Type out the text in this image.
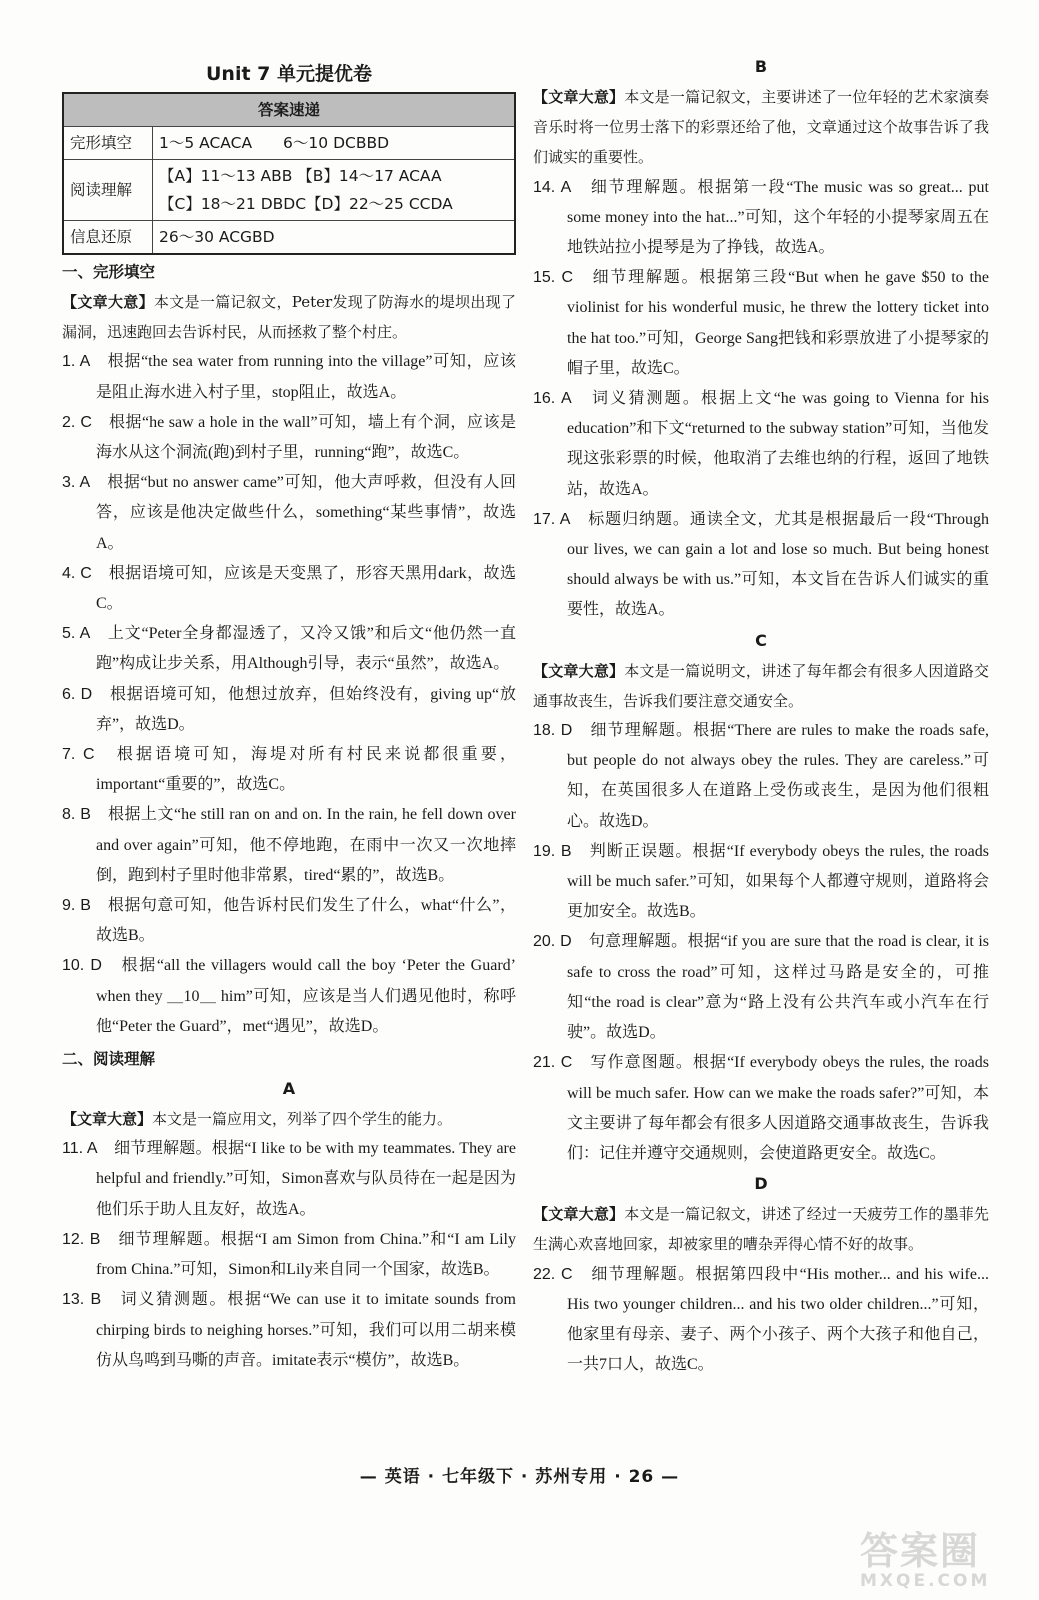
Unit 7 单元提优卷
答案速递	
完形填空	1～5 ACACA　　6～10 DCBBD

阅读理解	【A】11～13 ABB 【B】14～17 ACAA
【C】18～21 DBDC【D】22～25 CCDA

信息还原	26～30 ACGBD
一、完形填空
【文章大意】本文是一篇记叙文，Peter发现了防海水的堤坝出现了漏洞，迅速跑回去告诉村民，从而拯救了整个村庄。
1. A　根据“the sea water from running into the village”可知，应该是阻止海水进入村子里，stop阻止，故选A。
2. C　根据“he saw a hole in the wall”可知，墙上有个洞，应该是海水从这个洞流(跑)到村子里，running“跑”，故选C。
3. A　根据“but no answer came”可知，他大声呼救，但没有人回答，应该是他决定做些什么，something“某些事情”，故选A。
4. C　根据语境可知，应该是天变黑了，形容天黑用dark，故选C。
5. A　上文“Peter全身都湿透了，又冷又饿”和后文“他仍然一直跑”构成让步关系，用Although引导，表示“虽然”，故选A。
6. D　根据语境可知，他想过放弃，但始终没有，giving up“放弃”，故选D。
7. C　根据语境可知，海堤对所有村民来说都很重要，important“重要的”，故选C。
8. B　根据上文“he still ran on and on. In the rain, he fell down over and over again”可知，他不停地跑，在雨中一次又一次地摔倒，跑到村子里时他非常累，tired“累的”，故选B。
9. B　根据句意可知，他告诉村民们发生了什么，what“什么”，故选B。
10. D　根据“all the villagers would call the boy ‘Peter the Guard’ when they ＿10＿ him”可知，应该是当人们遇见他时，称呼他“Peter the Guard”，met“遇见”，故选D。
二、阅读理解
A
【文章大意】本文是一篇应用文，列举了四个学生的能力。
11. A　细节理解题。根据“I like to be with my teammates. They are helpful and friendly.”可知，Simon喜欢与队员待在一起是因为他们乐于助人且友好，故选A。
12. B　细节理解题。根据“I am Simon from China.”和“I am Lily from China.”可知，Simon和Lily来自同一个国家，故选B。
13. B　词义猜测题。根据“We can use it to imitate sounds from chirping birds to neighing horses.”可知，我们可以用二胡来模仿从鸟鸣到马嘶的声音。imitate表示“模仿”，故选B。
B
【文章大意】本文是一篇记叙文，主要讲述了一位年轻的艺术家演奏音乐时将一位男士落下的彩票还给了他，文章通过这个故事告诉了我们诚实的重要性。
14. A　细节理解题。根据第一段“The music was so great... put some money into the hat...”可知，这个年轻的小提琴家周五在地铁站拉小提琴是为了挣钱，故选A。
15. C　细节理解题。根据第三段“But when he gave $50 to the violinist for his wonderful music, he threw the lottery ticket into the hat too.”可知，George Sang把钱和彩票放进了小提琴家的帽子里，故选C。
16. A　词义猜测题。根据上文“he was going to Vienna for his education”和下文“returned to the subway station”可知，当他发现这张彩票的时候，他取消了去维也纳的行程，返回了地铁站，故选A。
17. A　标题归纳题。通读全文，尤其是根据最后一段“Through our lives, we can gain a lot and lose so much. But being honest should always be with us.”可知，本文旨在告诉人们诚实的重要性，故选A。
C
【文章大意】本文是一篇说明文，讲述了每年都会有很多人因道路交通事故丧生，告诉我们要注意交通安全。
18. D　细节理解题。根据“There are rules to make the roads safe, but people do not always obey the rules. They are careless.”可知，在英国很多人在道路上受伤或丧生，是因为他们很粗心。故选D。
19. B　判断正误题。根据“If everybody obeys the rules, the roads will be much safer.”可知，如果每个人都遵守规则，道路将会更加安全。故选B。
20. D　句意理解题。根据“if you are sure that the road is clear, it is safe to cross the road”可知，这样过马路是安全的，可推知“the road is clear”意为“路上没有公共汽车或小汽车在行驶”。故选D。
21. C　写作意图题。根据“If everybody obeys the rules, the roads will be much safer. How can we make the roads safer?”可知，本文主要讲了每年都会有很多人因道路交通事故丧生，告诉我们：记住并遵守交通规则，会使道路更安全。故选C。
D
【文章大意】本文是一篇记叙文，讲述了经过一天疲劳工作的墨菲先生满心欢喜地回家，却被家里的嘈杂弄得心情不好的故事。
22. C　细节理解题。根据第四段中“His mother... and his wife... His two younger children... and his two older children...”可知，他家里有母亲、妻子、两个小孩子、两个大孩子和他自己，一共7口人，故选C。
— 英语 · 七年级下 · 苏州专用 · 26 —
答案圈
MXQE.COM
